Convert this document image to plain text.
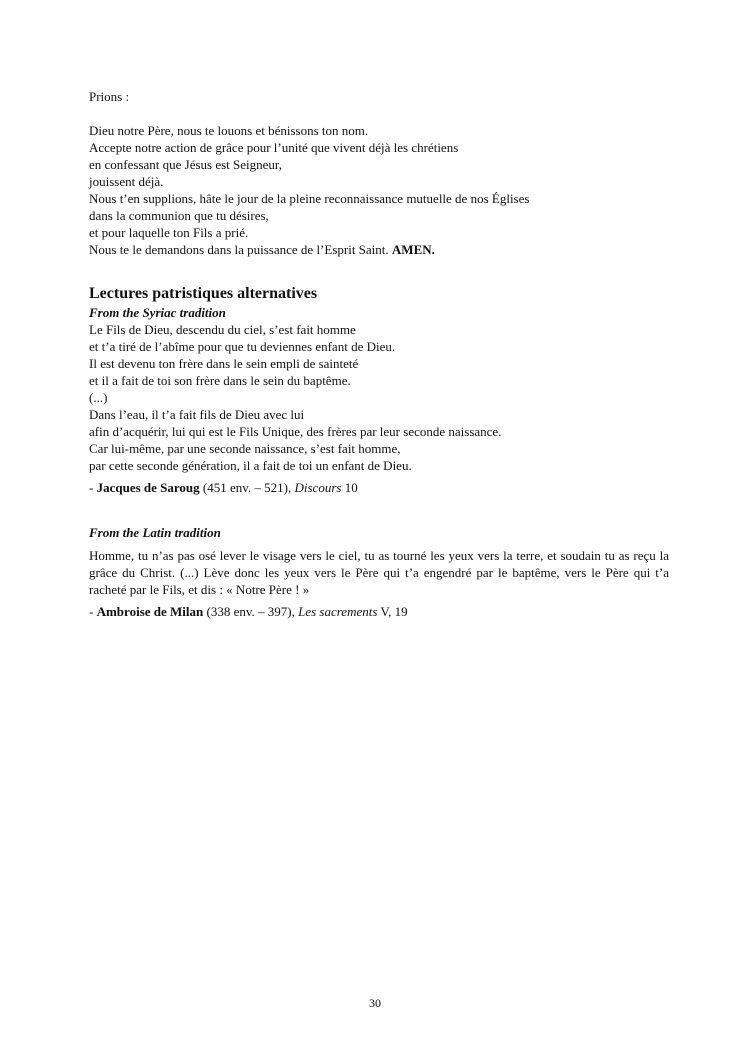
Prions :
Dieu notre Père, nous te louons et bénissons ton nom.
Accepte notre action de grâce pour l’unité que vivent déjà les chrétiens
en confessant que Jésus est Seigneur,
jouissent déjà.
Nous t’en supplions, hâte le jour de la pleine reconnaissance mutuelle de nos Églises
dans la communion que tu désires,
et pour laquelle ton Fils a prié.
Nous te le demandons dans la puissance de l’Esprit Saint. AMEN.
Lectures patristiques alternatives
From the Syriac tradition
Le Fils de Dieu, descendu du ciel, s’est fait homme
et t’a tiré de l’abîme pour que tu deviennes enfant de Dieu.
Il est devenu ton frère dans le sein empli de sainteté
et il a fait de toi son frère dans le sein du baptême.
(...)
Dans l’eau, il t’a fait fils de Dieu avec lui
afin d’acquérir, lui qui est le Fils Unique, des frères par leur seconde naissance.
Car lui-même, par une seconde naissance, s’est fait homme,
par cette seconde génération, il a fait de toi un enfant de Dieu.
- Jacques de Saroug (451 env. – 521), Discours 10
From the Latin tradition
Homme, tu n’as pas osé lever le visage vers le ciel, tu as tourné les yeux vers la terre, et soudain tu as reçu la grâce du Christ. (...) Lève donc les yeux vers le Père qui t’a engendré par le baptême, vers le Père qui t’a racheté par le Fils, et dis : « Notre Père ! »
- Ambroise de Milan (338 env. – 397), Les sacrements V, 19
30
